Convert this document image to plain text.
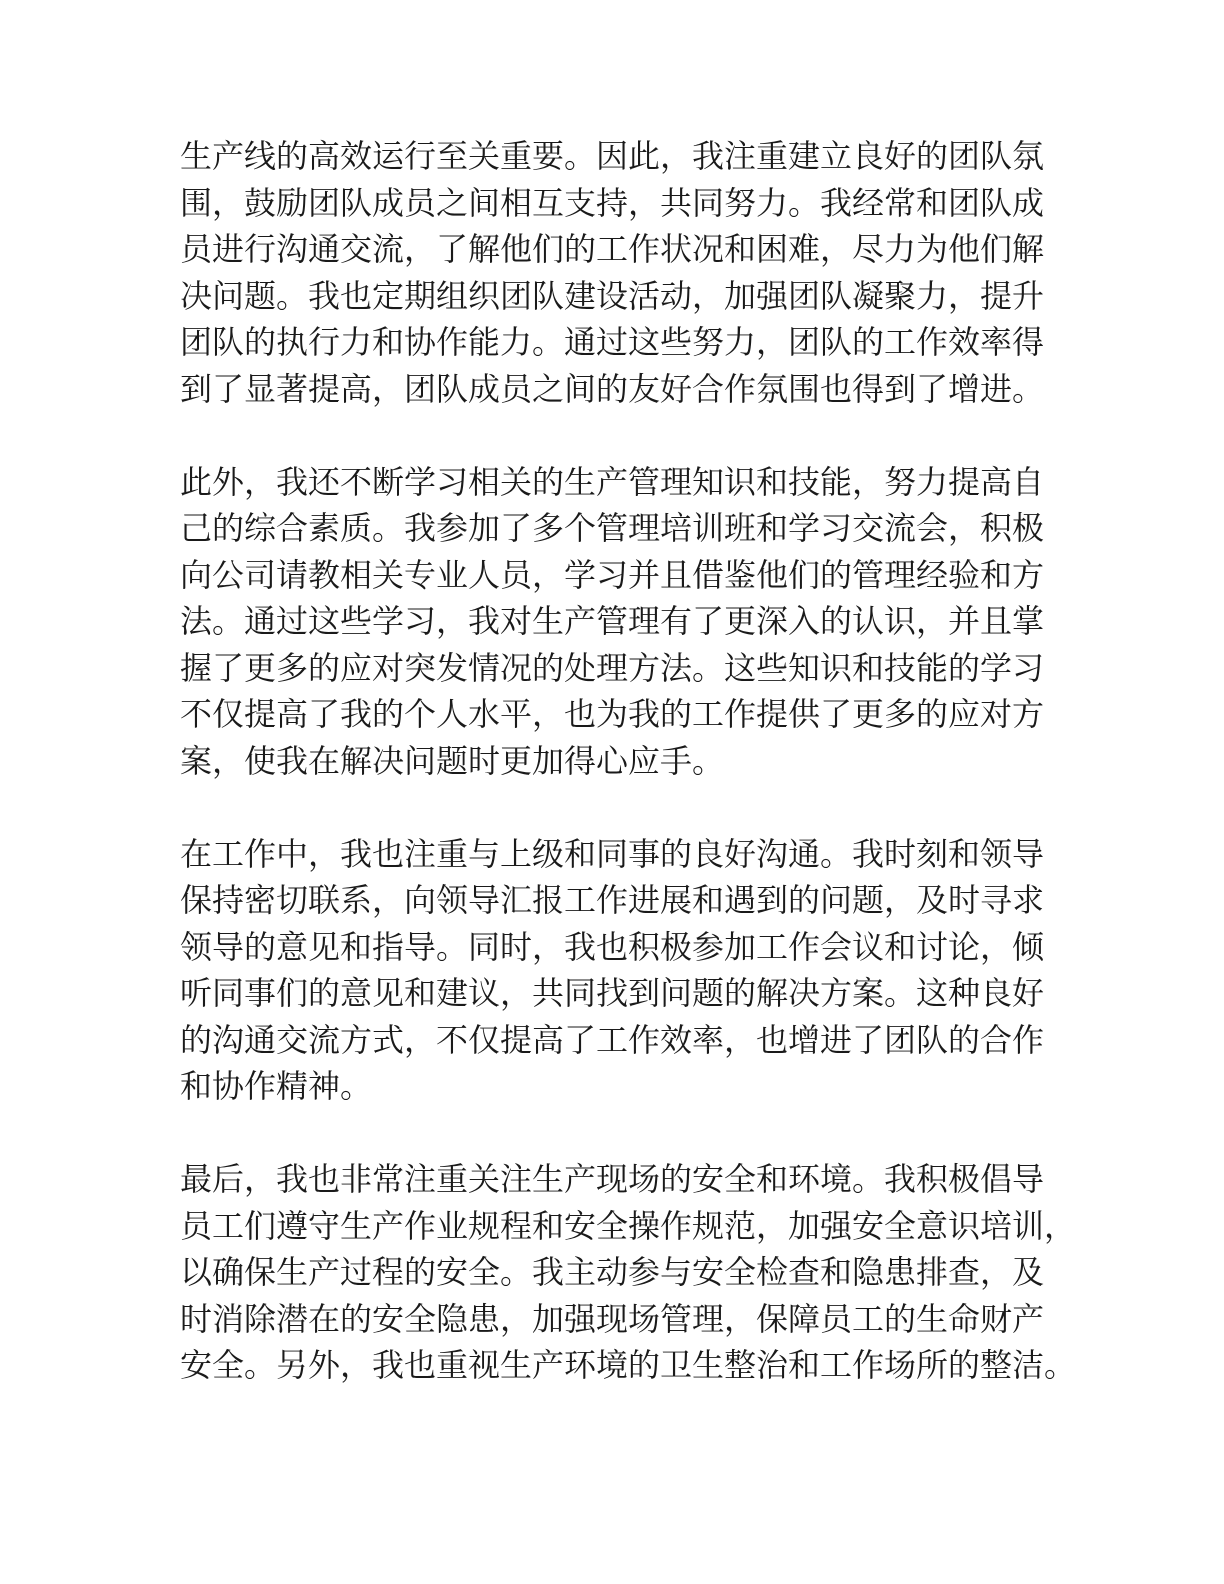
生产线的高效运行至关重要。因此，我注重建立良好的团队氛
围，鼓励团队成员之间相互支持，共同努力。我经常和团队成
员进行沟通交流，了解他们的工作状况和困难，尽力为他们解
决问题。我也定期组织团队建设活动，加强团队凝聚力，提升
团队的执行力和协作能力。通过这些努力，团队的工作效率得
到了显著提高，团队成员之间的友好合作氛围也得到了增进。

此外，我还不断学习相关的生产管理知识和技能，努力提高自
己的综合素质。我参加了多个管理培训班和学习交流会，积极
向公司请教相关专业人员，学习并且借鉴他们的管理经验和方
法。通过这些学习，我对生产管理有了更深入的认识，并且掌
握了更多的应对突发情况的处理方法。这些知识和技能的学习
不仅提高了我的个人水平，也为我的工作提供了更多的应对方
案，使我在解决问题时更加得心应手。

在工作中，我也注重与上级和同事的良好沟通。我时刻和领导
保持密切联系，向领导汇报工作进展和遇到的问题，及时寻求
领导的意见和指导。同时，我也积极参加工作会议和讨论，倾
听同事们的意见和建议，共同找到问题的解决方案。这种良好
的沟通交流方式，不仅提高了工作效率，也增进了团队的合作
和协作精神。

最后，我也非常注重关注生产现场的安全和环境。我积极倡导
员工们遵守生产作业规程和安全操作规范，加强安全意识培训，
以确保生产过程的安全。我主动参与安全检查和隐患排查，及
时消除潜在的安全隐患，加强现场管理，保障员工的生命财产
安全。另外，我也重视生产环境的卫生整治和工作场所的整洁。
